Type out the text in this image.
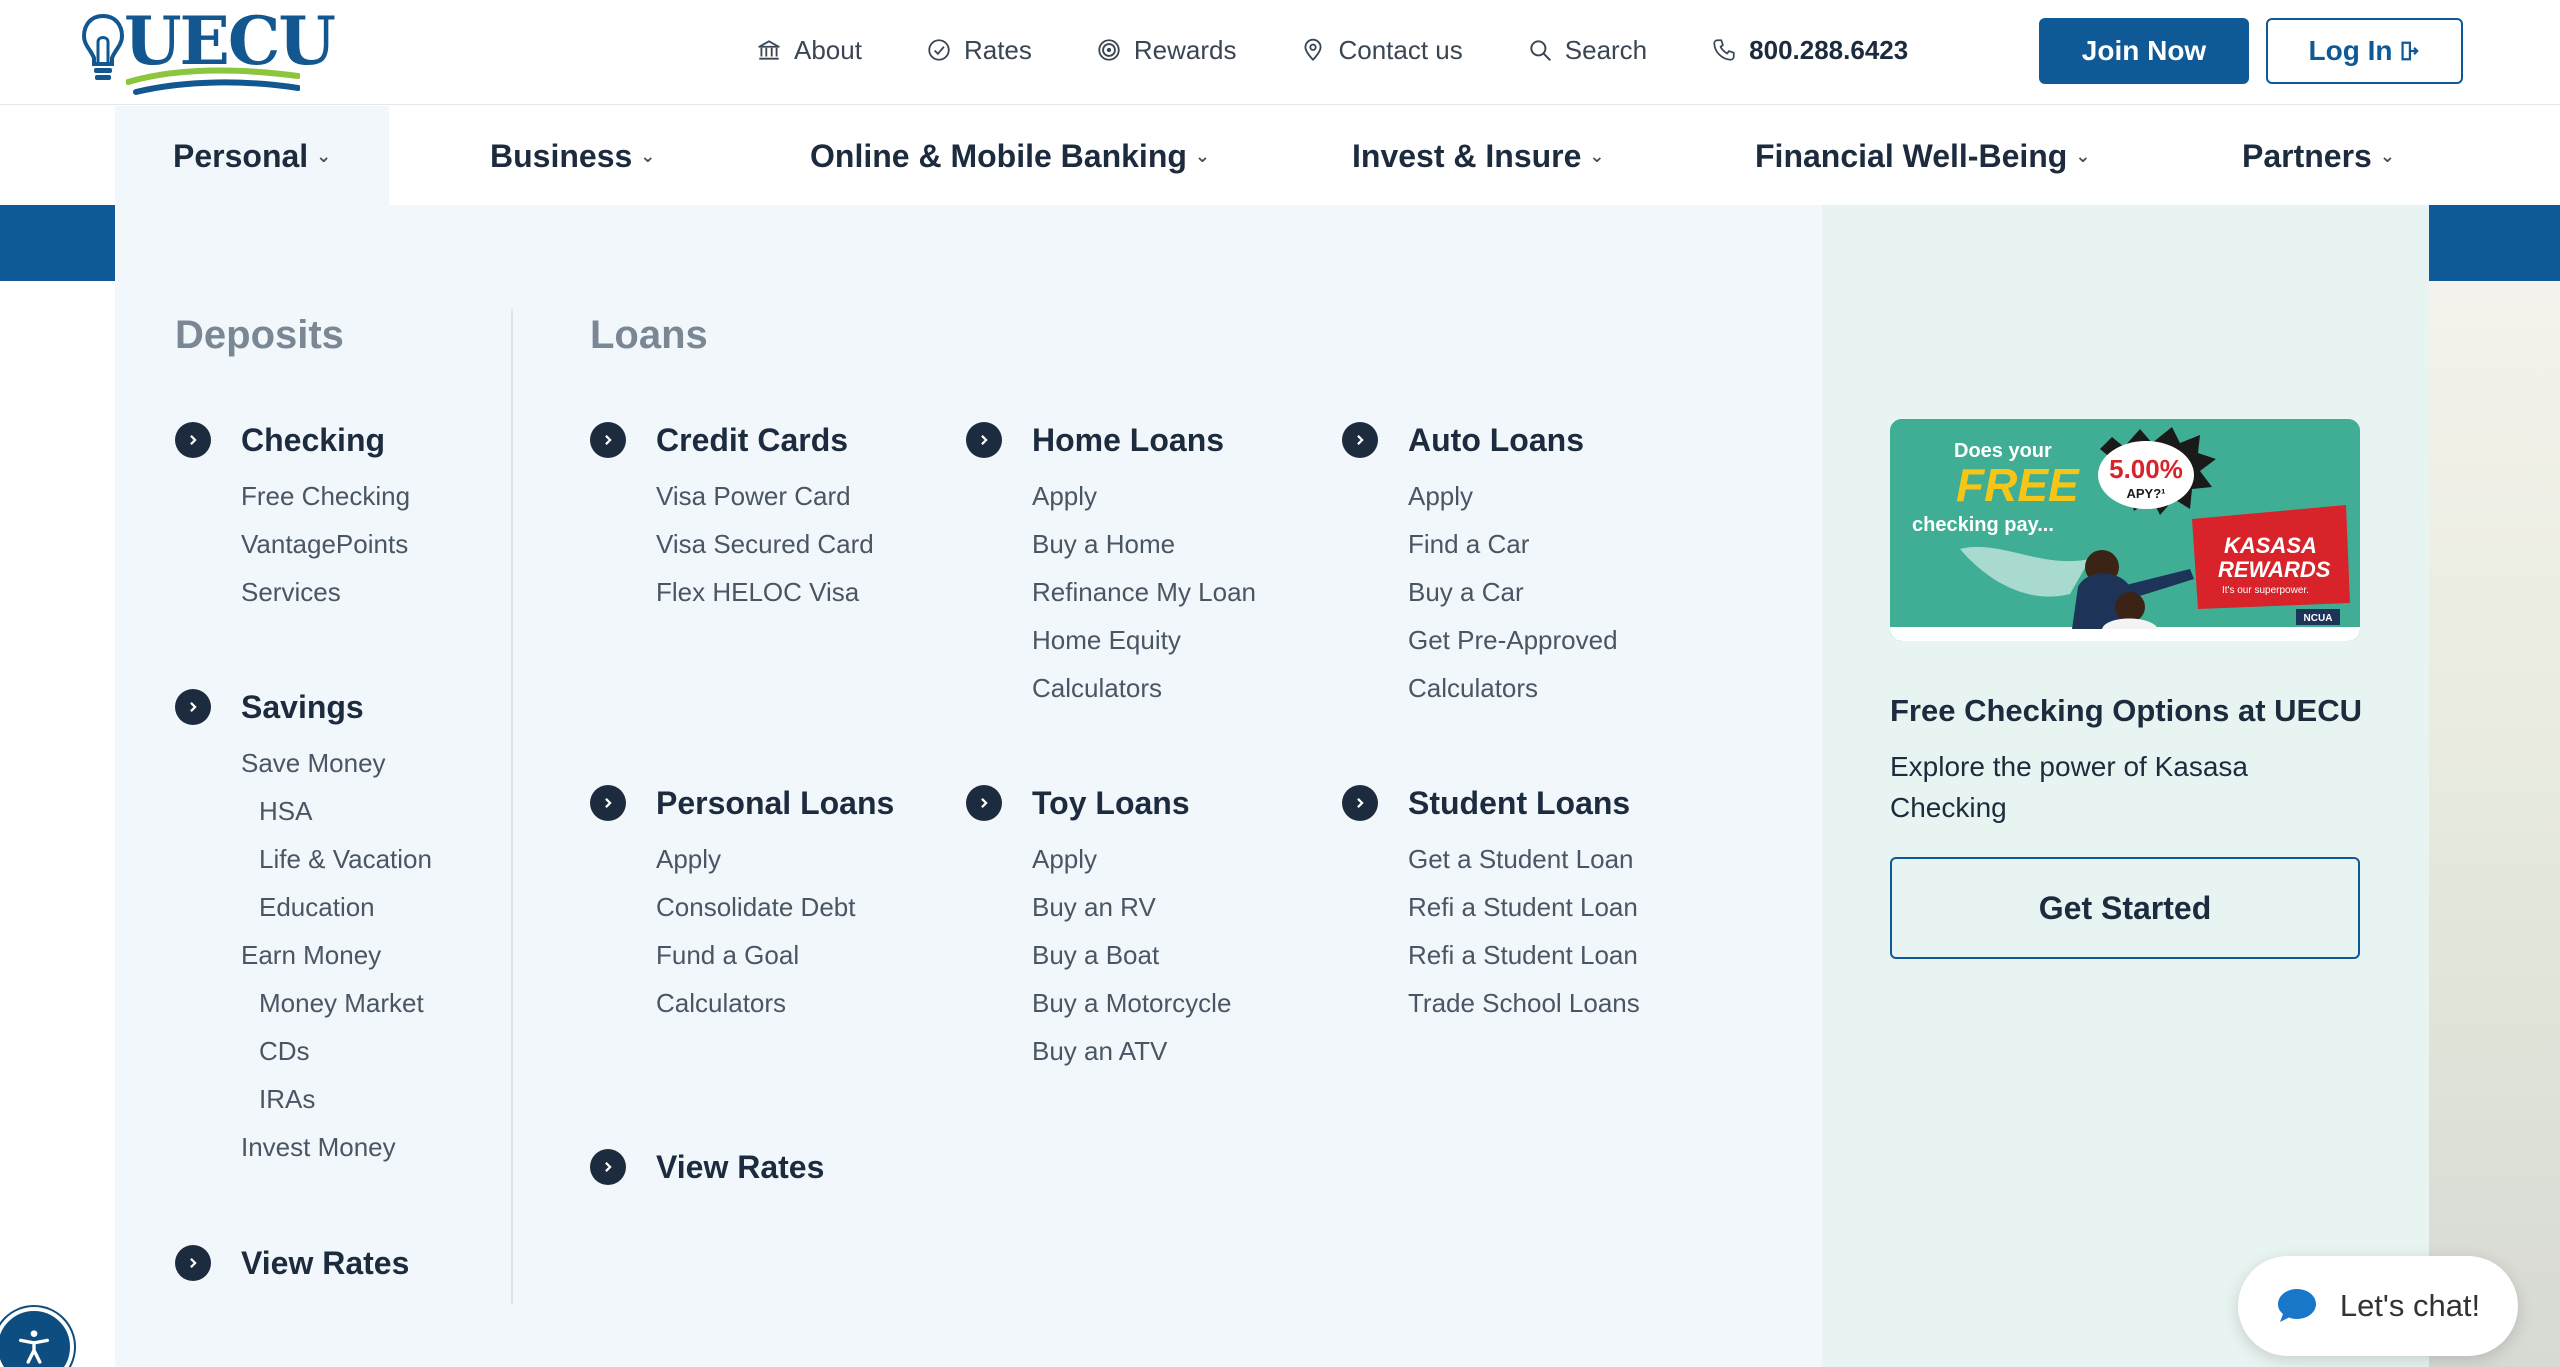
UECU	About	Rates	Rewards	Contact us	Search	800.288.6423	Join Now	Log In
Personal ⌄	Business ⌄	Online & Mobile Banking ⌄	Invest & Insure ⌄	Financial Well-Being ⌄	Partners ⌄
Deposits	Loans
Checking
Free Checking
VantagePoints
Services
Savings
Save Money
HSA
Life & Vacation
Education
Earn Money
Money Market
CDs
IRAs
Invest Money
View Rates
Credit Cards
Visa Power Card
Visa Secured Card
Flex HELOC Visa
Home Loans
Apply
Buy a Home
Refinance My Loan
Home Equity
Calculators
Auto Loans
Apply
Find a Car
Buy a Car
Get Pre-Approved
Calculators
Personal Loans
Apply
Consolidate Debt
Fund a Goal
Calculators
Toy Loans
Apply
Buy an RV
Buy a Boat
Buy a Motorcycle
Buy an ATV
Student Loans
Get a Student Loan
Refi a Student Loan
Refi a Student Loan
Trade School Loans
View Rates
Does your
FREE
checking pay...
5.00%
APY?¹
KASASA
REWARDS
It's our superpower.
NCUA
Free Checking Options at UECU

Explore the power of Kasasa Checking

Get Started
Let's chat!
